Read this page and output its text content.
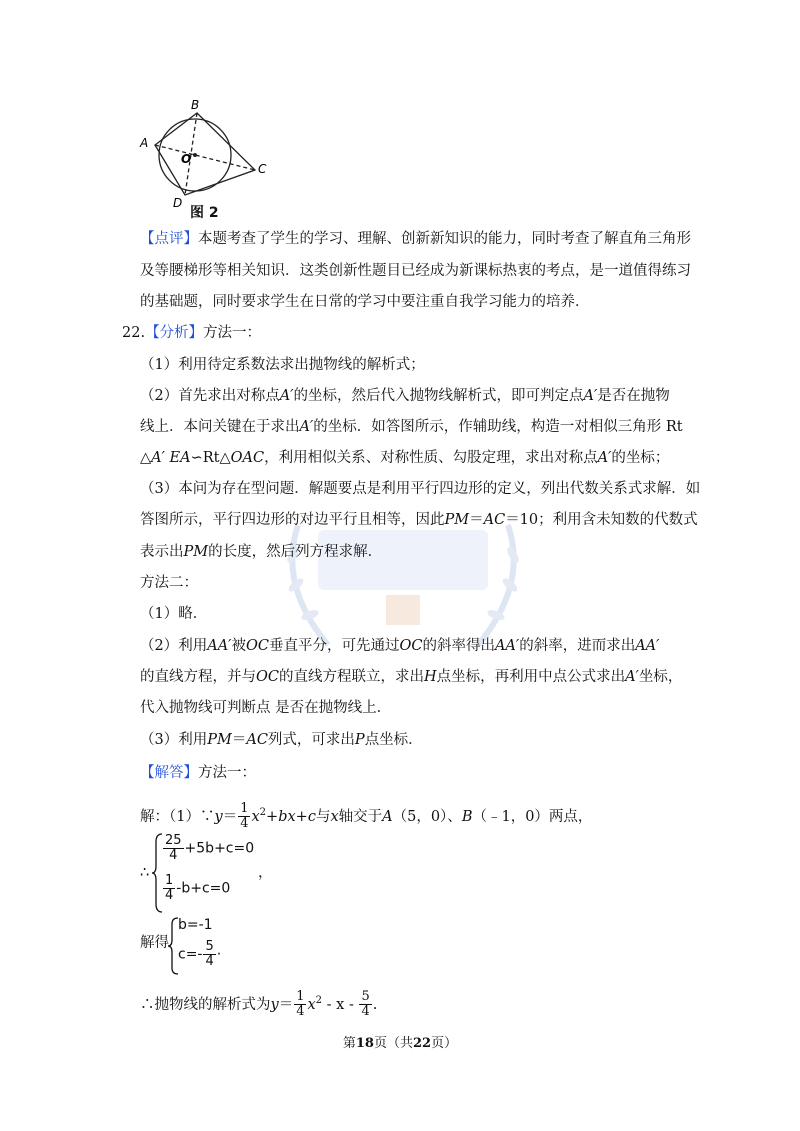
B
A
C
D
O
图 2
【点评】本题考查了学生的学习、理解、创新新知识的能力，同时考查了解直角三角形
及等腰梯形等相关知识．这类创新性题目已经成为新课标热衷的考点，是一道值得练习
的基础题，同时要求学生在日常的学习中要注重自我学习能力的培养．
22.【分析】方法一：
（1）利用待定系数法求出抛物线的解析式；
（2）首先求出对称点A′的坐标，然后代入抛物线解析式，即可判定点A′是否在抛物
线上．本问关键在于求出A′的坐标．如答图所示，作辅助线，构造一对相似三角形 Rt
△A′ EA∽Rt△OAC，利用相似关系、对称性质、勾股定理，求出对称点A′的坐标；
（3）本问为存在型问题．解题要点是利用平行四边形的定义，列出代数关系式求解．如
答图所示，平行四边形的对边平行且相等，因此PM＝AC＝10；利用含未知数的代数式
表示出PM的长度，然后列方程求解．
方法二：
（1）略．
（2）利用AA′被OC垂直平分，可先通过OC的斜率得出AA′的斜率，进而求出AA′
的直线方程，并与OC的直线方程联立，求出H点坐标，再利用中点公式求出A′坐标，
代入抛物线可判断点 是否在抛物线上．
（3）利用PM＝AC列式，可求出P点坐标．
【解答】方法一：
解：（1）∵y＝ $\frac{1}{4} x^2+bx+c$与x轴交于A（5，0）、B（﹣1，0）两点，
∴
$\frac{25}{4} +5b+c=0$
$\frac{1}{4} -b+c=0$
，
解得
b=-1
$c=- \frac{5}{4}$ ·
∴抛物线的解析式为$y= \frac{1}{4} x^2 - x - \frac{5}{4}$ .
第18页（共22页）
